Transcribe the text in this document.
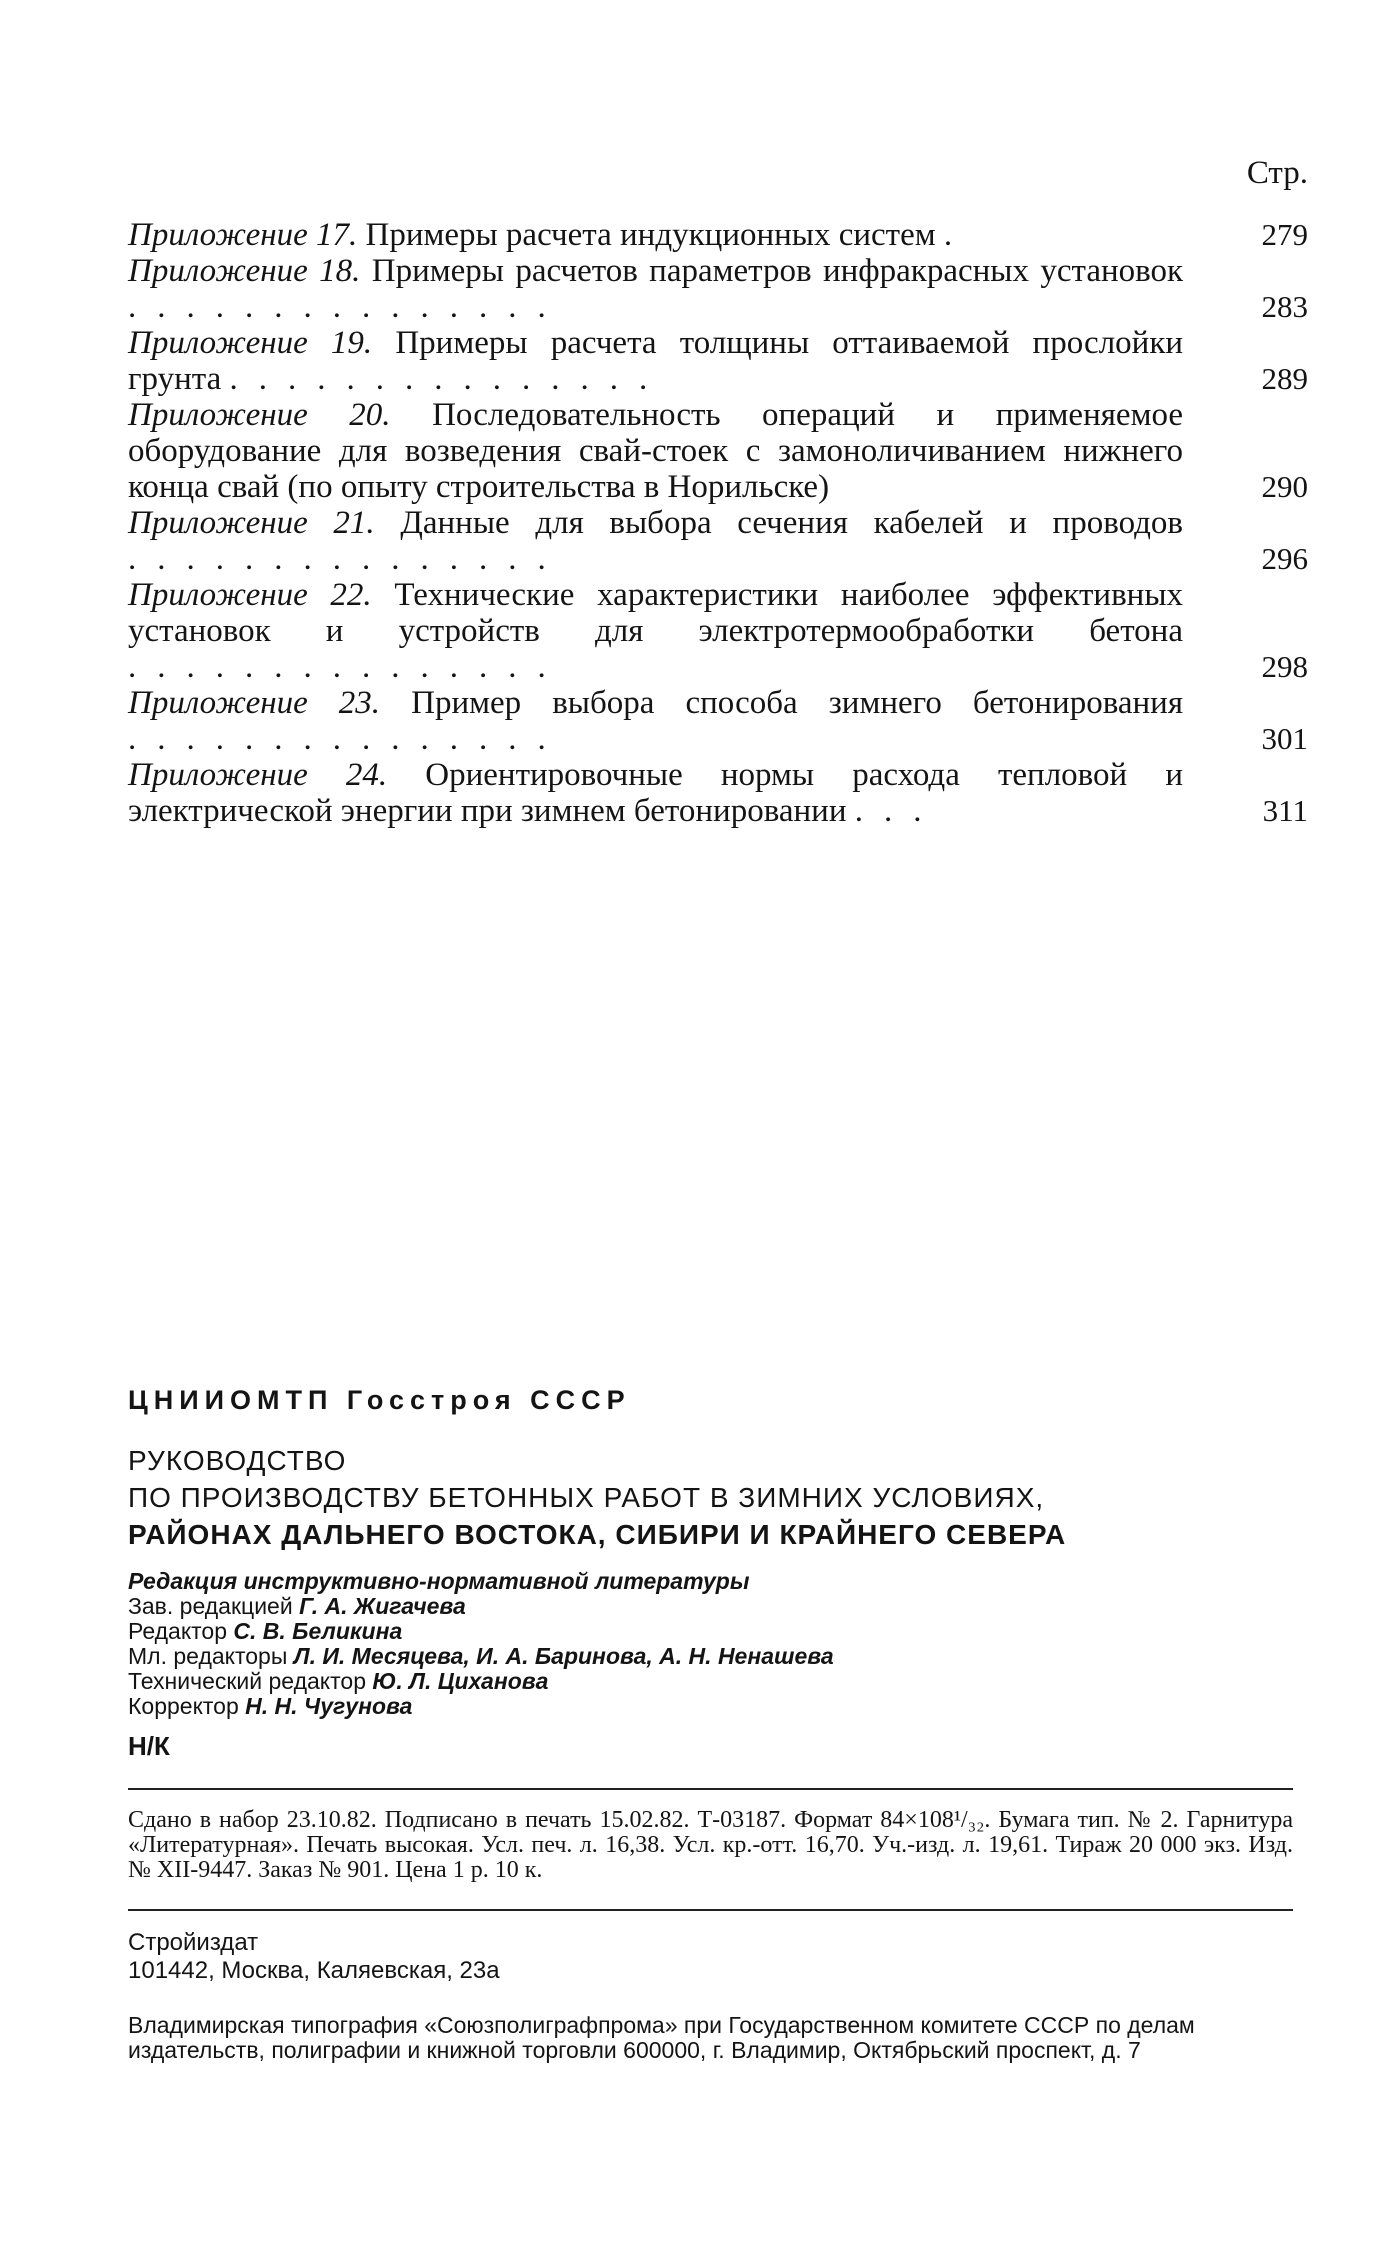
Стр.
Приложение 17. Примеры расчета индукционных систем .	279
Приложение 18. Примеры расчетов параметров инфракрасных установок ...............	283
Приложение 19. Примеры расчета толщины оттаиваемой прослойки грунта ...............	289
Приложение 20. Последовательность операций и применяемое оборудование для возведения свай-стоек с замоноличиванием нижнего конца свай (по опыту строительства в Норильске)	290
Приложение 21. Данные для выбора сечения кабелей и проводов ...............	296
Приложение 22. Технические характеристики наиболее эффективных установок и устройств для электротермообработки бетона ...............	298
Приложение 23. Пример выбора способа зимнего бетонирования ...............	301
Приложение 24. Ориентировочные нормы расхода тепловой и электрической энергии при зимнем бетонировании ...	311
ЦНИИОМТП Госстроя СССР
РУКОВОДСТВО
ПО ПРОИЗВОДСТВУ БЕТОННЫХ РАБОТ В ЗИМНИХ УСЛОВИЯХ,
РАЙОНАХ ДАЛЬНЕГО ВОСТОКА, СИБИРИ И КРАЙНЕГО СЕВЕРА
Редакция инструктивно-нормативной литературы
Зав. редакцией Г. А. Жигачева
Редактор С. В. Беликина
Мл. редакторы Л. И. Месяцева, И. А. Баринова, А. Н. Ненашева
Технический редактор Ю. Л. Цихановa
Корректор Н. Н. Чугунова
Н/К
Сдано в набор 23.10.82. Подписано в печать 15.02.82. Т-03187. Формат 84×108¹/₃₂. Бумага тип. № 2. Гарнитура «Литературная». Печать высокая. Усл. печ. л. 16,38. Усл. кр.-отт. 16,70. Уч.-изд. л. 19,61. Тираж 20 000 экз. Изд. № XII-9447. Заказ № 901. Цена 1 р. 10 к.
Стройиздат
101442, Москва, Каляевская, 23а
Владимирская типография «Союзполиграфпрома» при Государственном комитете СССР по делам издательств, полиграфии и книжной торговли 600000, г. Владимир, Октябрьский проспект, д. 7
